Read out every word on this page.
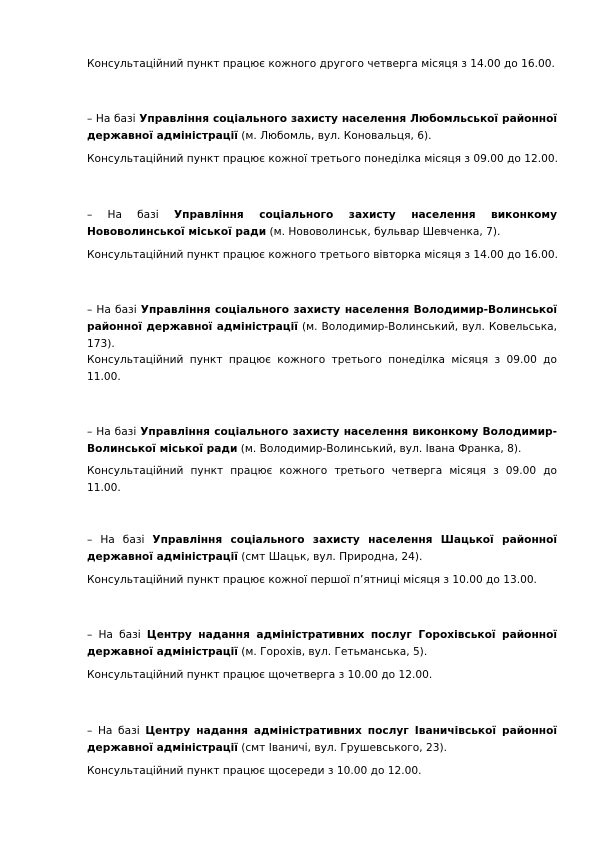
Консультаційний пункт працює кожного другого четверга місяця з 14.00 до 16.00.

– На базі Управління соціального захисту населення Любомльської районної державної адміністрації (м. Любомль, вул. Коновальця, 6).

Консультаційний пункт працює кожної третього понеділка місяця з 09.00 до 12.00.

– На базі Управління соціального захисту населення виконкому Нововолинської міської ради (м. Нововолинськ, бульвар Шевченка, 7).

Консультаційний пункт працює кожного третього вівторка місяця з 14.00 до 16.00.

– На базі Управління соціального захисту населення Володимир-Волинської районної державної адміністрації (м. Володимир-Волинський, вул. Ковельська, 173).

Консультаційний пункт працює кожного третього понеділка місяця з 09.00 до 11.00.

– На базі Управління соціального захисту населення виконкому Володимир-Волинської міської ради (м. Володимир-Волинський, вул. Івана Франка, 8).

Консультаційний пункт працює кожного третього четверга місяця з 09.00 до 11.00.

– На базі Управління соціального захисту населення Шацької районної державної адміністрації (смт Шацьк, вул. Природна, 24).

Консультаційний пункт працює кожної першої п’ятниці місяця з 10.00 до 13.00.

– На базі Центру надання адміністративних послуг Горохівської районної державної адміністрації (м. Горохів, вул. Гетьманська, 5).

Консультаційний пункт працює щочетверга з 10.00 до 12.00.

– На базі Центру надання адміністративних послуг Іваничівської районної державної адміністрації (смт Іваничі, вул. Грушевського, 23).

Консультаційний пункт працює щосереди з 10.00 до 12.00.
